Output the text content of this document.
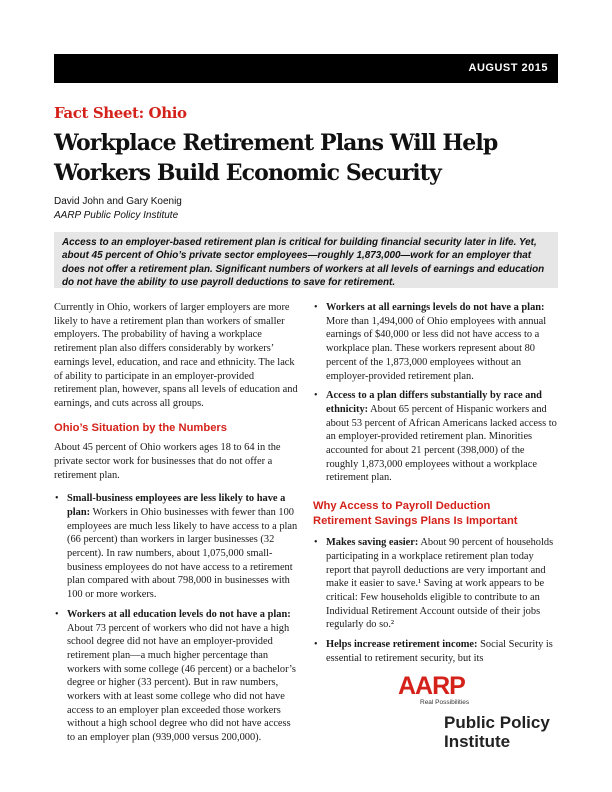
AUGUST 2015
Fact Sheet: Ohio
Workplace Retirement Plans Will Help
Workers Build Economic Security
David John and Gary Koenig
AARP Public Policy Institute
Access to an employer-based retirement plan is critical for building financial security later in life. Yet, about 45 percent of Ohio’s private sector employees—roughly 1,873,000—work for an employer that does not offer a retirement plan. Significant numbers of workers at all levels of earnings and education do not have the ability to use payroll deductions to save for retirement.

Currently in Ohio, workers of larger employers are more likely to have a retirement plan than workers of smaller employers. The probability of having a workplace retirement plan also differs considerably by workers’ earnings level, education, and race and ethnicity. The lack of ability to participate in an employer-provided retirement plan, however, spans all levels of education and earnings, and cuts across all groups.

Ohio’s Situation by the Numbers

About 45 percent of Ohio workers ages 18 to 64 in the private sector work for businesses that do not offer a retirement plan.

• Small-business employees are less likely to have a plan: Workers in Ohio businesses with fewer than 100 employees are much less likely to have access to a plan (66 percent) than workers in larger businesses (32 percent). In raw numbers, about 1,075,000 small-business employees do not have access to a retirement plan compared with about 798,000 in businesses with 100 or more workers.
• Workers at all education levels do not have a plan: About 73 percent of workers who did not have a high school degree did not have an employer-provided retirement plan—a much higher percentage than workers with some college (46 percent) or a bachelor’s degree or higher (33 percent). But in raw numbers, workers with at least some college who did not have access to an employer plan exceeded those workers without a high school degree who did not have access to an employer plan (939,000 versus 200,000).
• Workers at all earnings levels do not have a plan: More than 1,494,000 of Ohio employees with annual earnings of $40,000 or less did not have access to a workplace plan. These workers represent about 80 percent of the 1,873,000 employees without an employer-provided retirement plan.
• Access to a plan differs substantially by race and ethnicity: About 65 percent of Hispanic workers and about 53 percent of African Americans lacked access to an employer-provided retirement plan. Minorities accounted for about 21 percent (398,000) of the roughly 1,873,000 employees without a workplace retirement plan.
Why Access to Payroll Deduction
Retirement Savings Plans Is Important
• Makes saving easier: About 90 percent of households participating in a workplace retirement plan today report that payroll deductions are very important and make it easier to save.¹ Saving at work appears to be critical: Few households eligible to contribute to an Individual Retirement Account outside of their jobs regularly do so.²
• Helps increase retirement income: Social Security is essential to retirement security, but its
AARP
Real Possibilities
Public Policy
Institute
